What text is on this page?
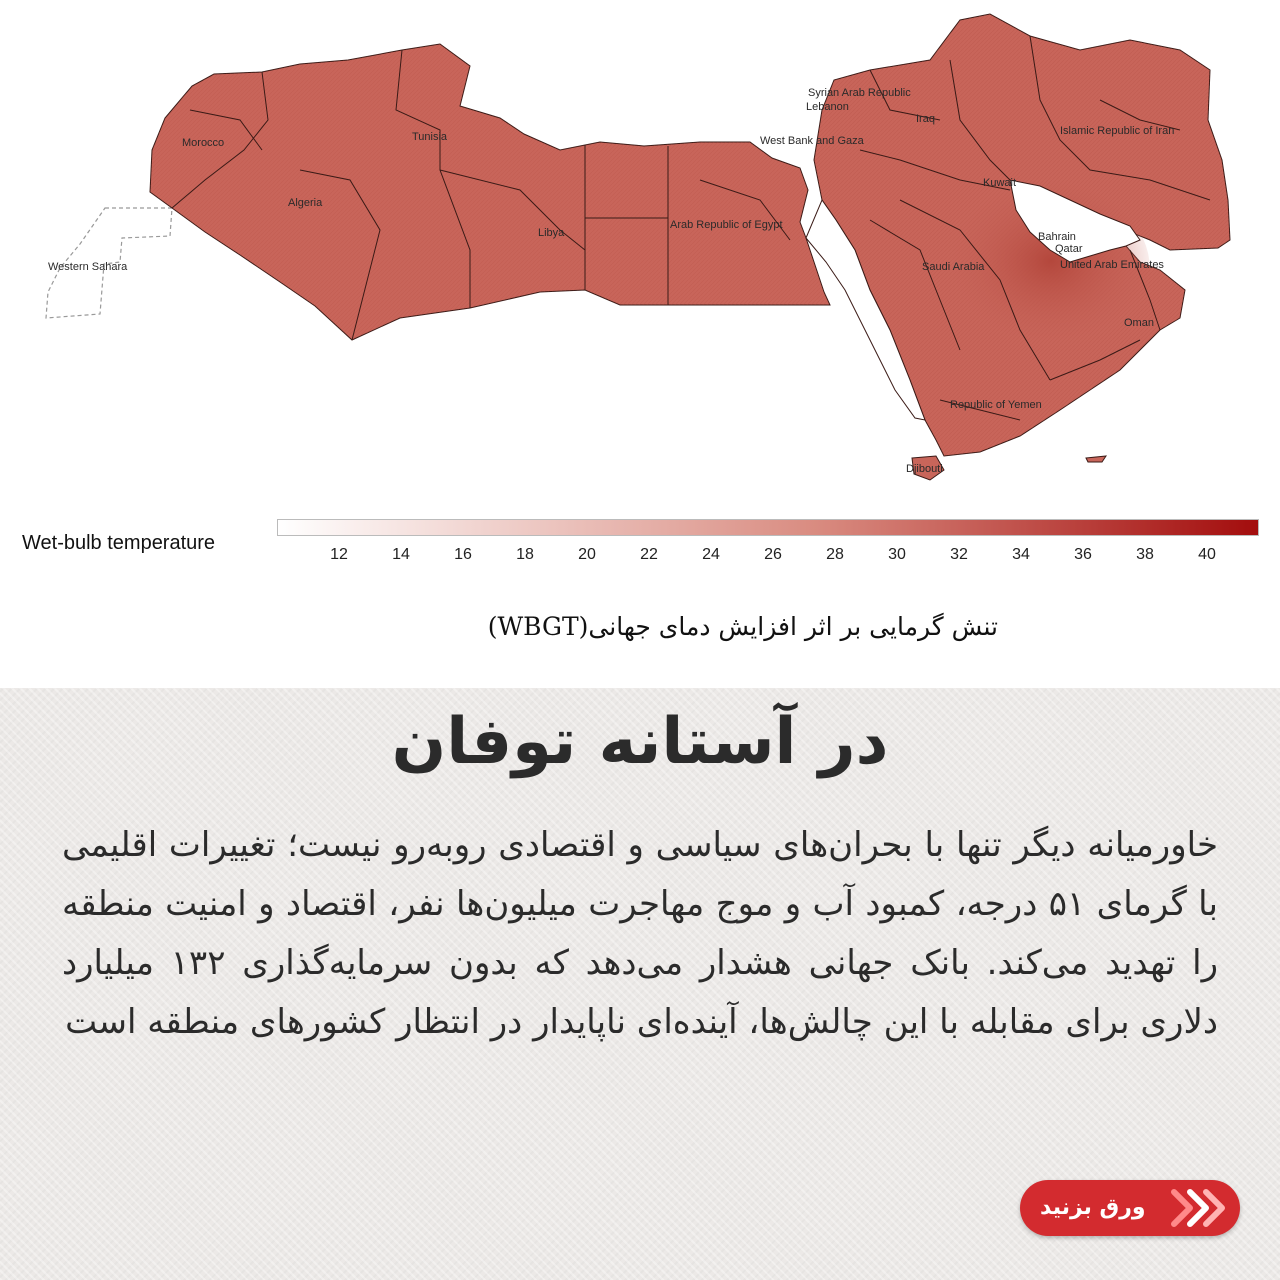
Morocco
Algeria
Tunisia
Libya
Arab Republic of Egypt
Western Sahara
Syrian Arab Republic
Lebanon
West Bank and Gaza
Iraq
Islamic Republic of Iran
Kuwait
Bahrain
Qatar
United Arab Emirates
Saudi Arabia
Oman
Republic of Yemen
Djibouti
Wet-bulb temperature
12	14	16	18	20	22	24	26	28	30	32	34	36	38	40
تنش گرمایی بر اثر افزایش دمای جهانی(WBGT)
در آستانه توفان
خاورمیانه دیگر تنها با بحران‌های سیاسی و اقتصادی روبه‌رو نیست؛ تغییرات اقلیمی با گرمای ۵۱ درجه، کمبود آب و موج مهاجرت میلیون‌ها نفر، اقتصاد و امنیت منطقه را تهدید می‌کند. بانک جهانی هشدار می‌دهد که بدون سرمایه‌گذاری ۱۳۲ میلیارد دلاری برای مقابله با این چالش‌ها، آینده‌ای ناپایدار در انتظار کشورهای منطقه است
ورق بزنید
